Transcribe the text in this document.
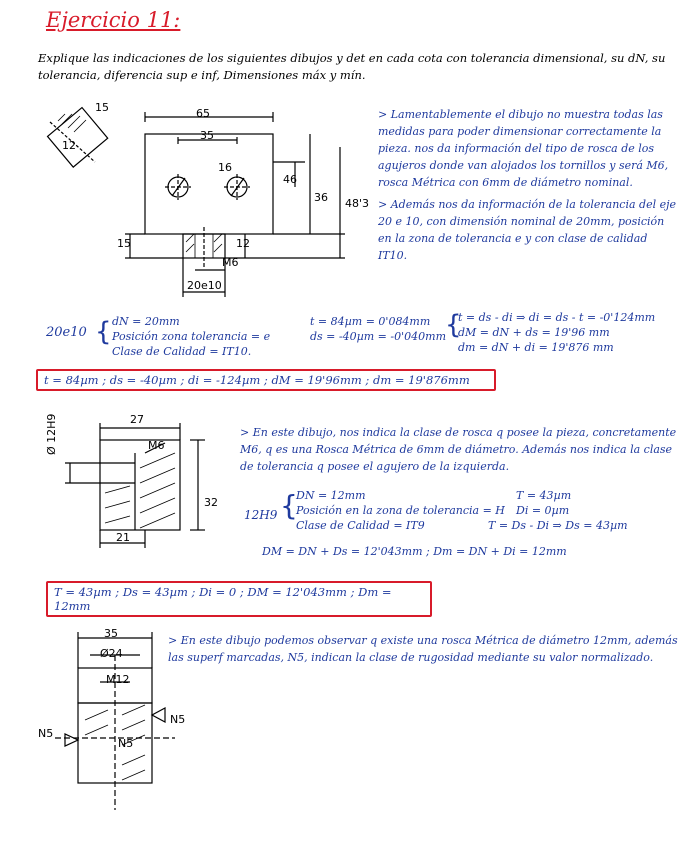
Ejercicio 11:
Explique las indicaciones de los siguientes dibujos y det en cada cota con tolerancia dimensional, su dN, su tolerancia, diferencia sup e inf, Dimensiones máx y mín.
65
35
16
46
36 48'3
15
12
15	12
M6
20e10
> Lamentablemente el dibujo no muestra todas las medidas para poder dimensionar correctamente la pieza. nos da información del tipo de rosca de los agujeros donde van alojados los tornillos y será M6, rosca Métrica con 6mm de diámetro nominal.
> Además nos da información de la tolerancia del eje 20 e 10, con dimensión nominal de 20mm, posición en la zona de tolerancia e y con clase de calidad IT10.
20e10 { dN = 20mm
Posición zona tolerancia = e
Clase de Calidad = IT10.
t = 84µm = 0'084mm
ds = -40µm = -0'040mm {
t = ds - di ⇒ di = ds - t = -0'124mm
dM = dN + ds = 19'96 mm
dm = dN + di = 19'876 mm
t = 84µm ; ds = -40µm ; di = -124µm ; dM = 19'96mm ; dm = 19'876mm
27
M6
Ø 12H9
32
21
> En este dibujo, nos indica la clase de rosca q posee la pieza, concretamente M6, q es una Rosca Métrica de 6mm de diámetro. Además nos indica la clase de tolerancia q posee el agujero de la izquierda.
12H9 {
DN = 12mm
Posición en la zona de tolerancia = H
Clase de Calidad = IT9
T = 43µm
Di = 0µm
T = Ds - Di ⇒ Ds = 43µm
DM = DN + Ds = 12'043mm ; Dm = DN + Di = 12mm
T = 43µm ; Ds = 43µm ; Di = 0 ; DM = 12'043mm ; Dm = 12mm
35
Ø24
M12
N5
N5
N5
> En este dibujo podemos observar q existe una rosca Métrica de diámetro 12mm, además las superf marcadas, N5, indican la clase de rugosidad mediante su valor normalizado.
